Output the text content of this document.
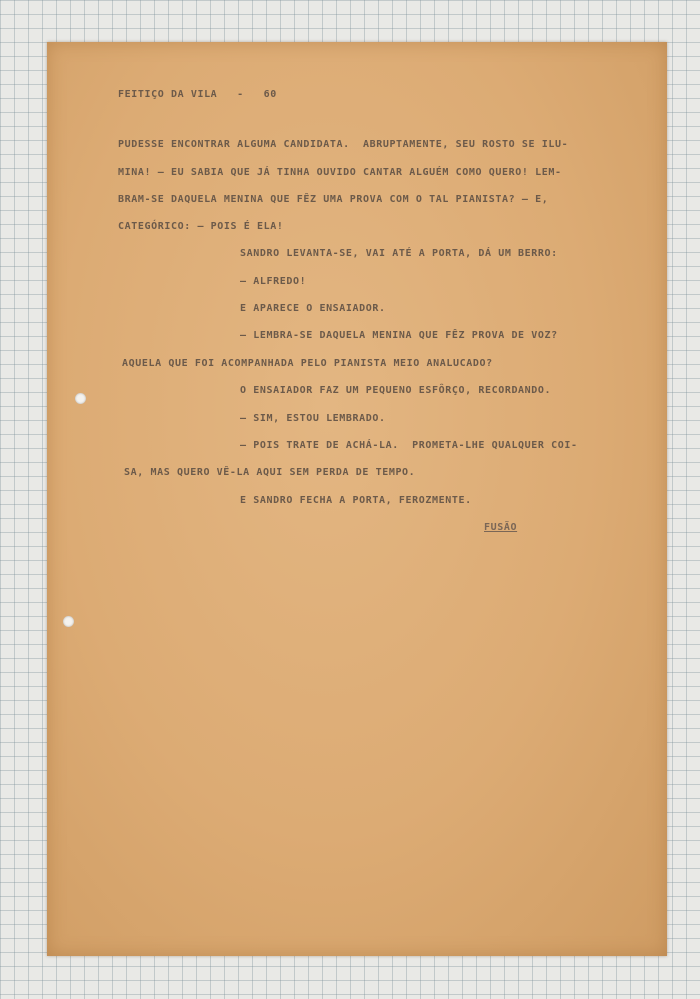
FEITIÇO DA VILA   -   60
PUDESSE ENCONTRAR ALGUMA CANDIDATA.  ABRUPTAMENTE, SEU ROSTO SE ILU-
MINA! — EU SABIA QUE JÁ TINHA OUVIDO CANTAR ALGUÉM COMO QUERO! LEM-
BRAM-SE DAQUELA MENINA QUE FÊZ UMA PROVA COM O TAL PIANISTA? — E,
CATEGÓRICO: — POIS É ELA!
SANDRO LEVANTA-SE, VAI ATÉ A PORTA, DÁ UM BERRO:
— ALFREDO!
E APARECE O ENSAIADOR.
— LEMBRA-SE DAQUELA MENINA QUE FÊZ PROVA DE VOZ?
AQUELA QUE FOI ACOMPANHADA PELO PIANISTA MEIO ANALUCADO?
O ENSAIADOR FAZ UM PEQUENO ESFÔRÇO, RECORDANDO.
— SIM, ESTOU LEMBRADO.
— POIS TRATE DE ACHÁ-LA.  PROMETA-LHE QUALQUER COI-
SA, MAS QUERO VÊ-LA AQUI SEM PERDA DE TEMPO.
E SANDRO FECHA A PORTA, FEROZMENTE.
FUSÃO
